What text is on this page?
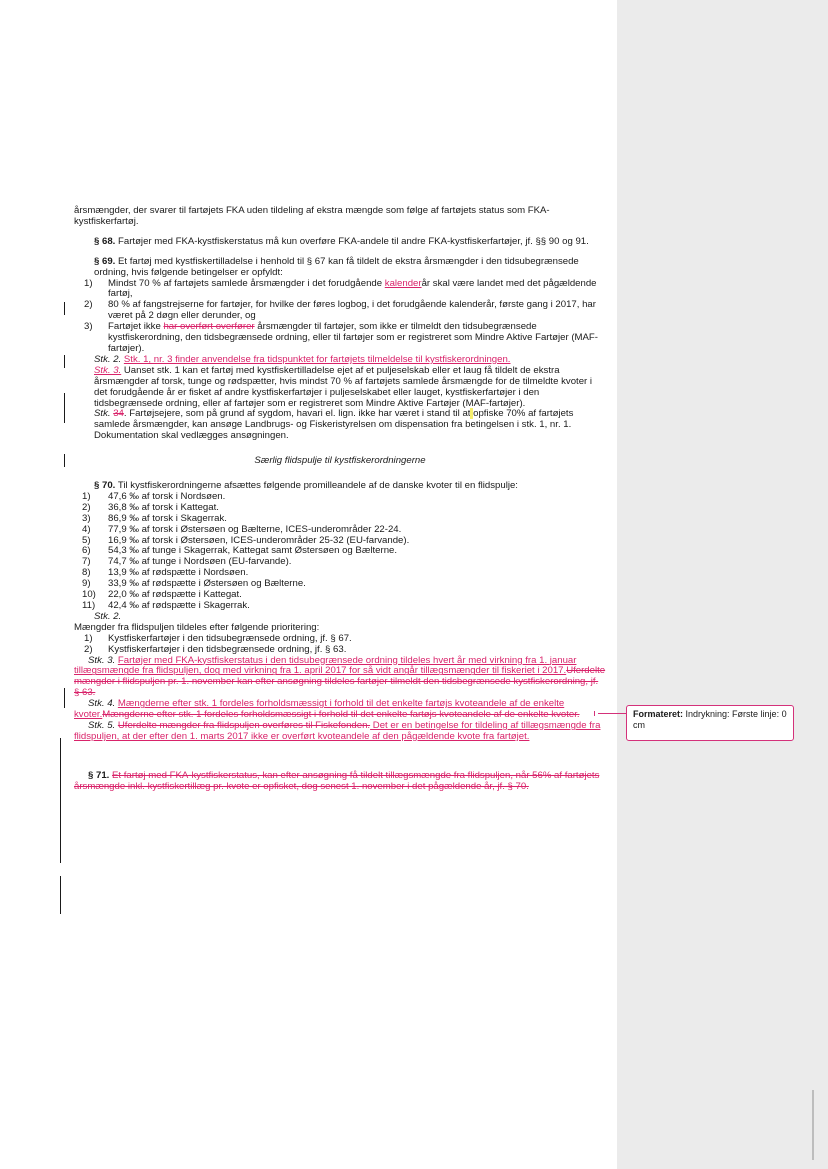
årsmængder, der svarer til fartøjets FKA uden tildeling af ekstra mængde som følge af fartøjets status som FKA-kystfiskerfartøj.

§ 68. Fartøjer med FKA-kystfiskerstatus må kun overføre FKA-andele til andre FKA-kystfiskerfartøjer, jf. §§ 90 og 91.

§ 69. Et fartøj med kystfiskertilladelse i henhold til § 67 kan få tildelt de ekstra årsmængder i den tidsubegrænsede ordning, hvis følgende betingelser er opfyldt:

1) Mindst 70 % af fartøjets samlede årsmængder i det forudgående kalenderår skal være landet med det pågældende fartøj,
2) 80 % af fangstrejserne for fartøjer, for hvilke der føres logbog, i det forudgående kalenderår, første gang i 2017, har været på 2 døgn eller derunder, og
3) Fartøjet ikke har overført overfører årsmængder til fartøjer, som ikke er tilmeldt den tidsubegrænsede kystfiskerordning, den tidsbegrænsede ordning, eller til fartøjer som er registreret som Mindre Aktive Fartøjer (MAF-fartøjer).

Stk. 2. Stk. 1, nr. 3 finder anvendelse fra tidspunktet for fartøjets tilmeldelse til kystfiskerordningen.

Stk. 3. Uanset stk. 1 kan et fartøj med kystfiskertilladelse ejet af et puljeselskab eller et laug få tildelt de ekstra årsmængder af torsk, tunge og rødspætter, hvis mindst 70 % af fartøjets samlede årsmængde for de tilmeldte kvoter i det forudgående år er fisket af andre kystfiskerfartøjer i puljeselskabet eller lauget, kystfiskerfartøjer i den tidsbegrænsede ordning, eller af fartøjer som er registreret som Mindre Aktive Fartøjer (MAF-fartøjer).

Stk. 34. Fartøjsejere, som på grund af sygdom, havari el. lign. ikke har været i stand til at opfiske 70% af fartøjets samlede årsmængder, kan ansøge Landbrugs- og Fiskeristyrelsen om dispensation fra betingelsen i stk. 1, nr. 1. Dokumentation skal vedlægges ansøgningen.

Særlig fl​idspulje til kystfiskerordningerne

§ 70. Til kystfiskerordningerne afsættes følgende promilleandele af de danske kvoter til en flidspulje:

1) 47,6 ‰ af torsk i Nordsøen.
2) 36,8 ‰ af torsk i Kattegat.
3) 86,9 ‰ af torsk i Skagerrak.
4) 77,9 ‰ af torsk i Østersøen og Bælterne, ICES-underområder 22-24.
5) 16,9 ‰ af torsk i Østersøen, ICES-underområder 25-32 (EU-farvande).
6) 54,3 ‰ af tunge i Skagerrak, Kattegat samt Østersøen og Bælterne.
7) 74,7 ‰ af tunge i Nordsøen (EU-farvande).
8) 13,9 ‰ af rødspætte i Nordsøen.
9) 33,9 ‰ af rødspætte i Østersøen og Bælterne.
10) 22,0 ‰ af rødspætte i Kattegat.
11) 42,4 ‰ af rødspætte i Skagerrak.

Stk. 2.

Mængder fra flidspuljen tildeles efter følgende prioritering:

1) Kystfiskerfartøjer i den tidsubegrænsede ordning, jf. § 67.
2) Kystfiskerfartøjer i den tidsbegrænsede ordning, jf. § 63.

Stk. 3. Fartøjer med FKA-kystfiskerstatus i den tidsubegrænsede ordning tildeles hvert år med virkning fra 1. januar tillægsmængde fra flidspuljen, dog med virkning fra 1. april 2017 for så vidt angår tillægsmængder til fiskeriet i 2017.Uferdelte mængder i flidspuljen pr. 1. november kan efter ansøgning tildeles fartøjer tilmeldt den tidsbegrænsede kystfiskerordning, jf. § 63.

Stk. 4. Mængderne efter stk. 1 fordeles forholdsmæssigt i forhold til det enkelte fartøjs kvoteandele af de enkelte kvoter.Mængderne efter stk. 1 fordeles forholdsmæssigt i forhold til det enkelte fartøjs kvoteandele af de enkelte kvoter.

Stk. 5. Uferdelte mængder fra flidspuljen overføres til Fiskefonden. Det er en betingelse for tildeling af tillægsmængde fra flidspuljen, at der efter den 1. marts 2017 ikke er overført kvoteandele af den pågældende kvote fra fartøjet.

§ 71. Et fartøj med FKA-kystfiskerstatus, kan efter ansøgning få tildelt tillægsmængde fra flidspuljen, når 56% af fartøjets årsmængde inkl. kystfiskertillæg pr. kvote er opfisket, dog senest 1. november i det pågældende år, jf. § 70.

Formateret: Indrykning: Første linje: 0 cm
